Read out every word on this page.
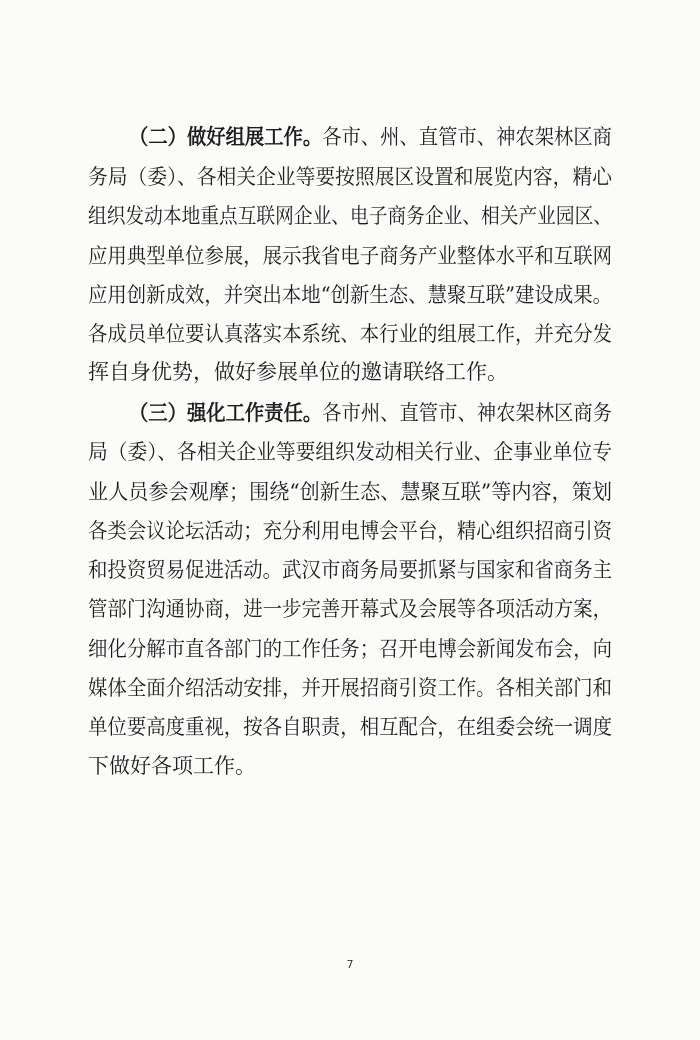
（二）做好组展工作。各市、州、直管市、神农架林区商
务局（委）、各相关企业等要按照展区设置和展览内容，精心
组织发动本地重点互联网企业、电子商务企业、相关产业园区、
应用典型单位参展，展示我省电子商务产业整体水平和互联网
应用创新成效，并突出本地“创新生态、慧聚互联”建设成果。
各成员单位要认真落实本系统、本行业的组展工作，并充分发
挥自身优势，做好参展单位的邀请联络工作。
（三）强化工作责任。各市州、直管市、神农架林区商务
局（委）、各相关企业等要组织发动相关行业、企事业单位专
业人员参会观摩；围绕“创新生态、慧聚互联”等内容，策划
各类会议论坛活动；充分利用电博会平台，精心组织招商引资
和投资贸易促进活动。武汉市商务局要抓紧与国家和省商务主
管部门沟通协商，进一步完善开幕式及会展等各项活动方案，
细化分解市直各部门的工作任务；召开电博会新闻发布会，向
媒体全面介绍活动安排，并开展招商引资工作。各相关部门和
单位要高度重视，按各自职责，相互配合，在组委会统一调度
下做好各项工作。
7
